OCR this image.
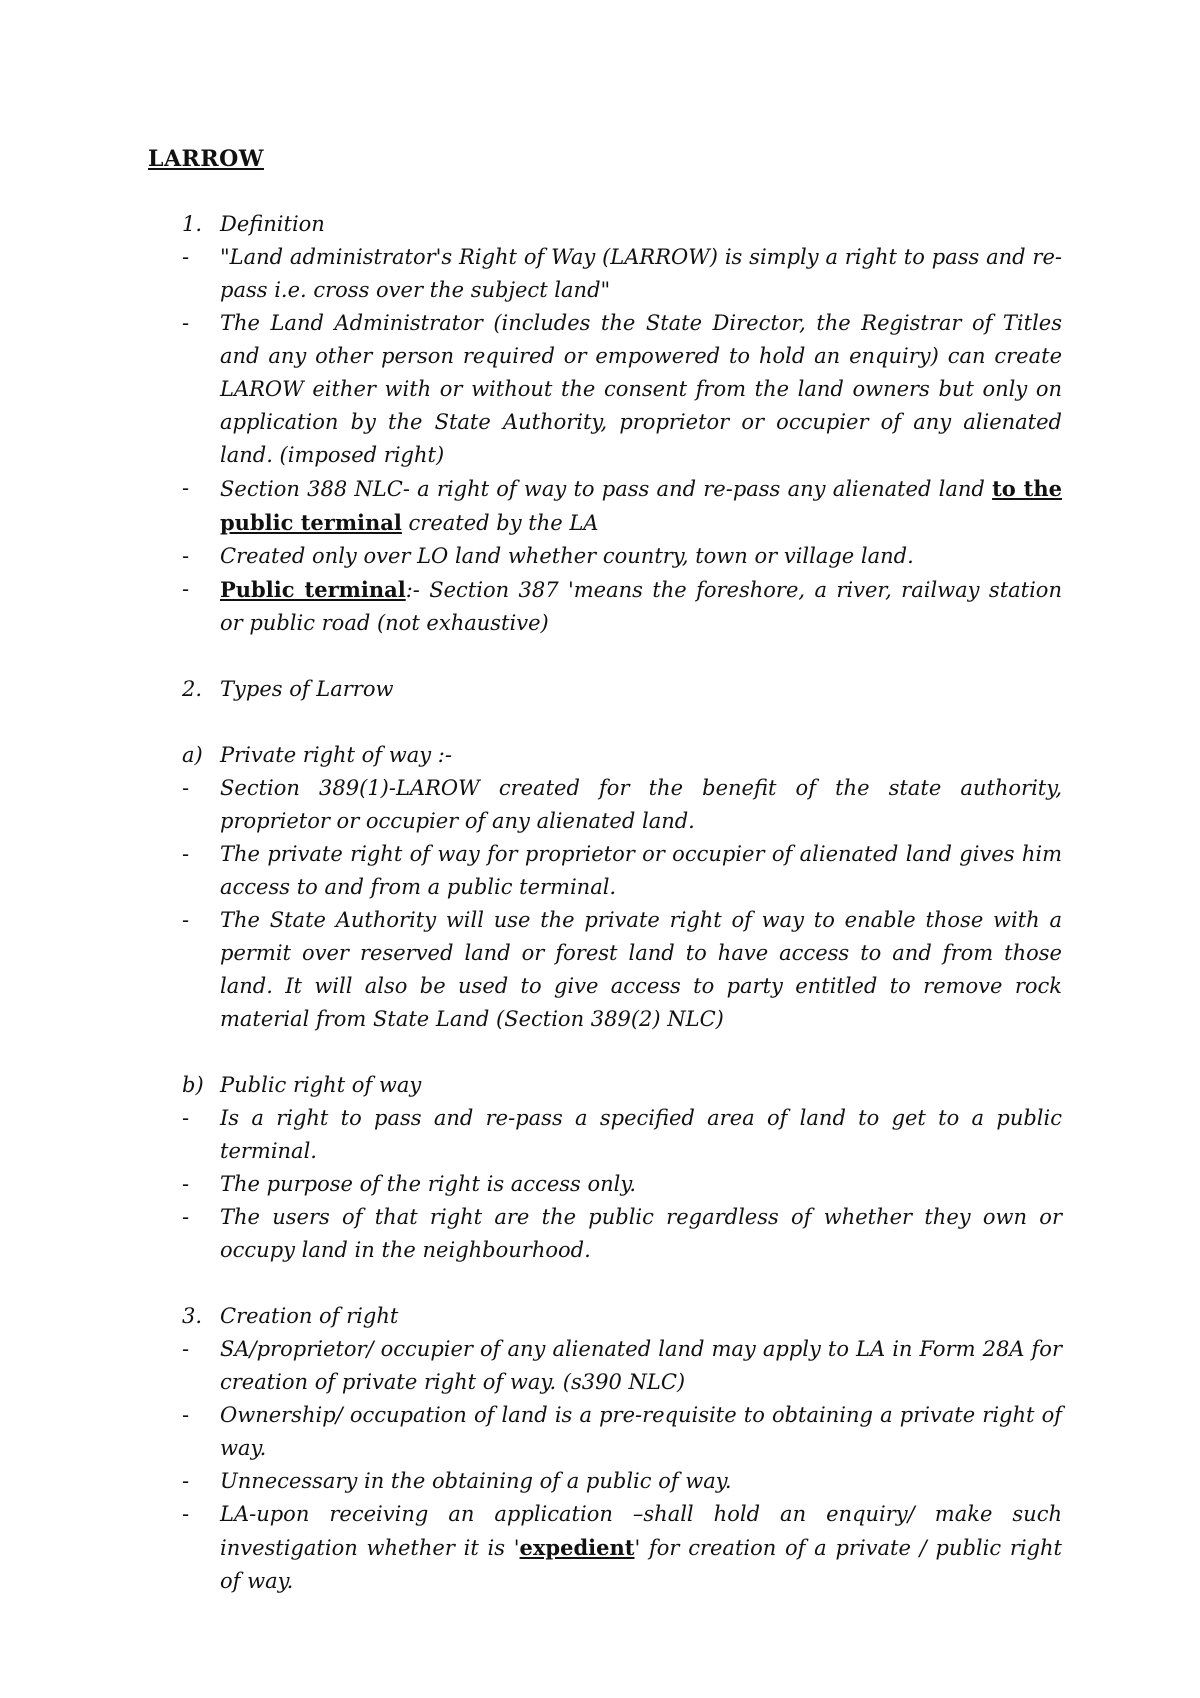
LARROW
1. Definition
-	"Land administrator's Right of Way (LARROW) is simply a right to pass and re- pass i.e. cross over the subject land"
-	The Land Administrator (includes the State Director, the Registrar of Titles and any other person required or empowered to hold an enquiry) can create LAROW either with or without the consent from the land owners but only on application by the State Authority, proprietor or occupier of any alienated land. (imposed right)
-	Section 388 NLC- a right of way to pass and re-pass any alienated land to the public terminal created by the LA
-	Created only over LO land whether country, town or village land.
-	Public terminal:- Section 387 'means the foreshore, a river, railway station or public road (not exhaustive)
2. Types of Larrow
a) Private right of way :-
-	Section 389(1)-LAROW created for the benefit of the state authority, proprietor or occupier of any alienated land.
-	The private right of way for proprietor or occupier of alienated land gives him access to and from a public terminal.
-	The State Authority will use the private right of way to enable those with a permit over reserved land or forest land to have access to and from those land. It will also be used to give access to party entitled to remove rock material from State Land (Section 389(2) NLC)
b) Public right of way
-	Is a right to pass and re-pass a specified area of land to get to a public terminal.
-	The purpose of the right is access only.
-	The users of that right are the public regardless of whether they own or occupy land in the neighbourhood.
3. Creation of right
-	SA/proprietor/ occupier of any alienated land may apply to LA in Form 28A for creation of private right of way. (s390 NLC)
-	Ownership/ occupation of land is a pre-requisite to obtaining a private right of way.
-	Unnecessary in the obtaining of a public of way.
-	LA-upon receiving an application –shall hold an enquiry/ make such investigation whether it is 'expedient' for creation of a private / public right of way.
